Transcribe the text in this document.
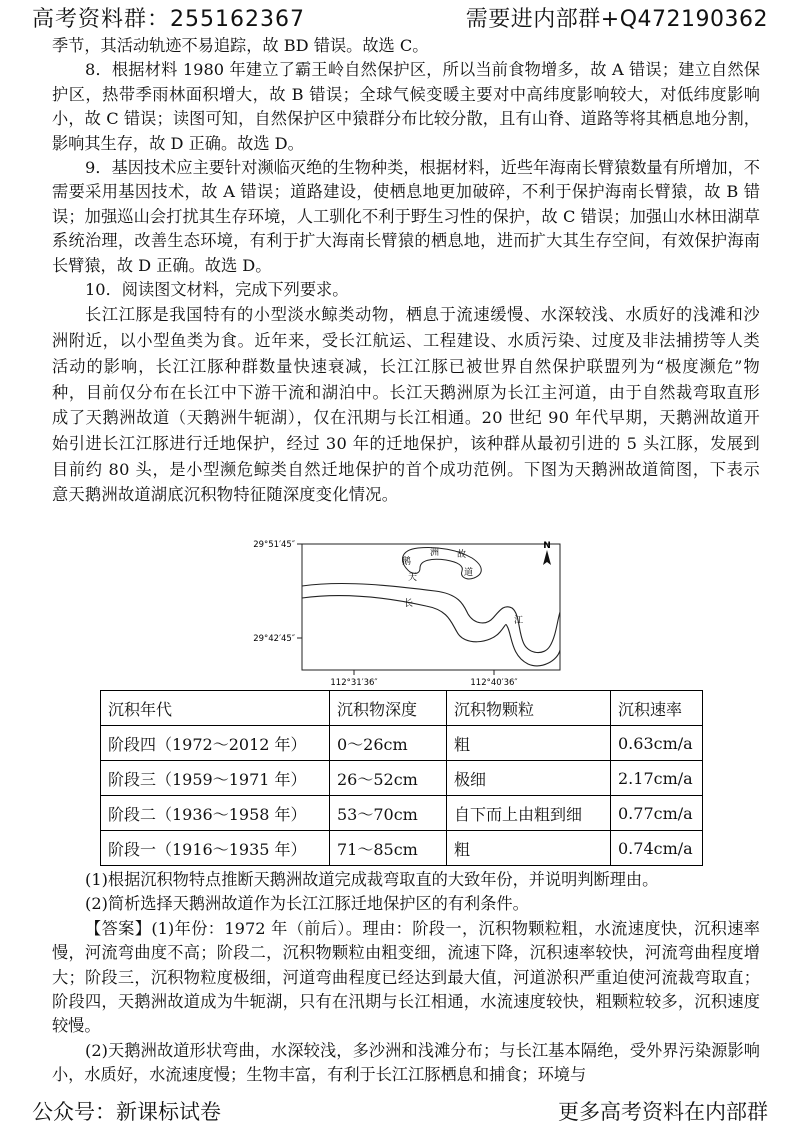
高考资料群：255162367	需要进内部群+Q472190362

季节，其活动轨迹不易追踪，故 BD 错误。故选 C。

8．根据材料 1980 年建立了霸王岭自然保护区，所以当前食物增多，故 A 错误；建立自然保护区，热带季雨林面积增大，故 B 错误；全球气候变暖主要对中高纬度影响较大，对低纬度影响小，故 C 错误；读图可知，自然保护区中猿群分布比较分散，且有山脊、道路等将其栖息地分割，影响其生存，故 D 正确。故选 D。

9．基因技术应主要针对濒临灭绝的生物种类，根据材料，近些年海南长臂猿数量有所增加，不需要采用基因技术，故 A 错误；道路建设，使栖息地更加破碎，不利于保护海南长臂猿，故 B 错误；加强巡山会打扰其生存环境，人工驯化不利于野生习性的保护，故 C 错误；加强山水林田湖草系统治理，改善生态环境，有利于扩大海南长臂猿的栖息地，进而扩大其生存空间，有效保护海南长臂猿，故 D 正确。故选 D。

10．阅读图文材料，完成下列要求。

长江江豚是我国特有的小型淡水鲸类动物，栖息于流速缓慢、水深较浅、水质好的浅滩和沙洲附近，以小型鱼类为食。近年来，受长江航运、工程建设、水质污染、过度及非法捕捞等人类活动的影响，长江江豚种群数量快速衰减，长江江豚已被世界自然保护联盟列为“极度濒危”物种，目前仅分布在长江中下游干流和湖泊中。长江天鹅洲原为长江主河道，由于自然裁弯取直形成了天鹅洲故道（天鹅洲牛轭湖），仅在汛期与长江相通。20 世纪 90 年代早期，天鹅洲故道开始引进长江江豚进行迁地保护，经过 30 年的迁地保护，该种群从最初引进的 5 头江豚，发展到目前约 80 头，是小型濒危鲸类自然迁地保护的首个成功范例。下图为天鹅洲故道简图，下表示意天鹅洲故道湖底沉积物特征随深度变化情况。

29°51′45″
29°42′45″
112°31′36″	112°40′36″
鹅
洲 故
天	道
长
江
N
沉积年代	沉积物深度	沉积物颗粒	沉积速率
阶段四（1972～2012 年）	0～26cm	粗	0.63cm/a
阶段三（1959～1971 年）	26～52cm	极细	2.17cm/a
阶段二（1936～1958 年）	53～70cm	自下而上由粗到细	0.77cm/a
阶段一（1916～1935 年）	71～85cm	粗	0.74cm/a

(1)根据沉积物特点推断天鹅洲故道完成裁弯取直的大致年份，并说明判断理由。

(2)简析选择天鹅洲故道作为长江江豚迁地保护区的有利条件。

【答案】(1)年份：1972 年（前后）。理由：阶段一，沉积物颗粒粗，水流速度快，沉积速率慢，河流弯曲度不高；阶段二，沉积物颗粒由粗变细，流速下降，沉积速率较快，河流弯曲程度增大；阶段三，沉积物粒度极细，河道弯曲程度已经达到最大值，河道淤积严重迫使河流裁弯取直；阶段四，天鹅洲故道成为牛轭湖，只有在汛期与长江相通，水流速度较快，粗颗粒较多，沉积速度较慢。

(2)天鹅洲故道形状弯曲，水深较浅，多沙洲和浅滩分布；与长江基本隔绝，受外界污染源影响小，水质好，水流速度慢；生物丰富，有利于长江江豚栖息和捕食；环境与

公众号：新课标试卷	更多高考资料在内部群
